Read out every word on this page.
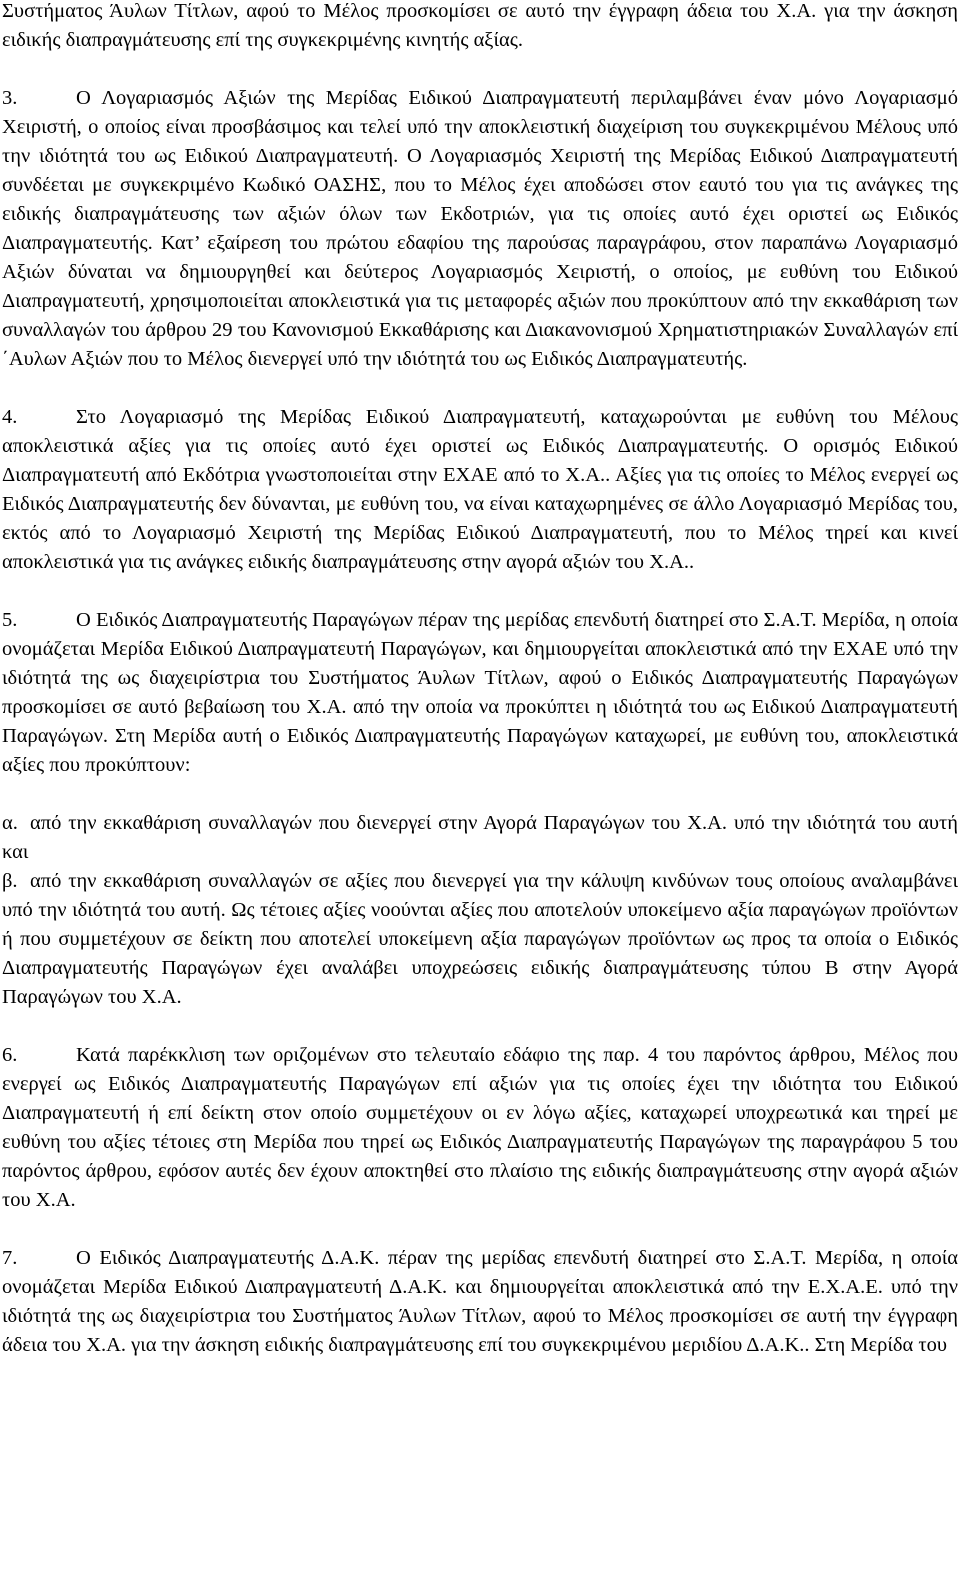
Συστήματος Άυλων Τίτλων, αφού το Μέλος προσκομίσει σε αυτό την έγγραφη άδεια του Χ.Α. για την άσκηση ειδικής διαπραγμάτευσης επί της συγκεκριμένης κινητής αξίας.

3.	Ο Λογαριασμός Αξιών της Μερίδας Ειδικού Διαπραγματευτή περιλαμβάνει έναν μόνο Λογαριασμό Χειριστή, ο οποίος είναι προσβάσιμος και τελεί υπό την αποκλειστική διαχείριση του συγκεκριμένου Μέλους υπό την ιδιότητά του ως Ειδικού Διαπραγματευτή. Ο Λογαριασμός Χειριστή της Μερίδας Ειδικού Διαπραγματευτή συνδέεται με συγκεκριμένο Κωδικό ΟΑΣΗΣ, που το Μέλος έχει αποδώσει στον εαυτό του για τις ανάγκες της ειδικής διαπραγμάτευσης των αξιών όλων των Εκδοτριών, για τις οποίες αυτό έχει οριστεί ως Ειδικός Διαπραγματευτής. Κατ’ εξαίρεση του πρώτου εδαφίου της παρούσας παραγράφου, στον παραπάνω Λογαριασμό Αξιών δύναται να δημιουργηθεί και δεύτερος Λογαριασμός Χειριστή, ο οποίος, με ευθύνη του Ειδικού Διαπραγματευτή, χρησιμοποιείται αποκλειστικά για τις μεταφορές αξιών που προκύπτουν από την εκκαθάριση των συναλλαγών του άρθρου 29 του Κανονισμού Εκκαθάρισης και Διακανονισμού Χρηματιστηριακών Συναλλαγών επί ΄Αυλων Αξιών που το Μέλος διενεργεί υπό την ιδιότητά του ως Ειδικός Διαπραγματευτής.

4.	Στο Λογαριασμό της Μερίδας Ειδικού Διαπραγματευτή, καταχωρούνται με ευθύνη του Μέλους αποκλειστικά αξίες για τις οποίες αυτό έχει οριστεί ως Ειδικός Διαπραγματευτής. Ο ορισμός Ειδικού Διαπραγματευτή από Εκδότρια γνωστοποιείται στην ΕΧΑΕ από το Χ.Α.. Αξίες για τις οποίες το Μέλος ενεργεί ως Ειδικός Διαπραγματευτής δεν δύνανται, με ευθύνη του, να είναι καταχωρημένες σε άλλο Λογαριασμό Μερίδας του, εκτός από το Λογαριασμό Χειριστή της Μερίδας Ειδικού Διαπραγματευτή, που το Μέλος τηρεί και κινεί αποκλειστικά για τις ανάγκες ειδικής διαπραγμάτευσης στην αγορά αξιών του Χ.Α..

5.	Ο Ειδικός Διαπραγματευτής Παραγώγων πέραν της μερίδας επενδυτή διατηρεί στο Σ.Α.Τ. Μερίδα, η οποία ονομάζεται Μερίδα Ειδικού Διαπραγματευτή Παραγώγων, και δημιουργείται αποκλειστικά από την ΕΧΑΕ υπό την ιδιότητά της ως διαχειρίστρια του Συστήματος Άυλων Τίτλων, αφού ο Ειδικός Διαπραγματευτής Παραγώγων προσκομίσει σε αυτό βεβαίωση του Χ.Α. από την οποία να προκύπτει η ιδιότητά του ως Ειδικού Διαπραγματευτή Παραγώγων. Στη Μερίδα αυτή ο Ειδικός Διαπραγματευτής Παραγώγων καταχωρεί, με ευθύνη του, αποκλειστικά αξίες που προκύπτουν:

α. από την εκκαθάριση συναλλαγών που διενεργεί στην Αγορά Παραγώγων του Χ.Α. υπό την ιδιότητά του αυτή και

β. από την εκκαθάριση συναλλαγών σε αξίες που διενεργεί για την κάλυψη κινδύνων τους οποίους αναλαμβάνει υπό την ιδιότητά του αυτή. Ως τέτοιες αξίες νοούνται αξίες που αποτελούν υποκείμενο αξία παραγώγων προϊόντων ή που συμμετέχουν σε δείκτη που αποτελεί υποκείμενη αξία παραγώγων προϊόντων ως προς τα οποία ο Ειδικός Διαπραγματευτής Παραγώγων έχει αναλάβει υποχρεώσεις ειδικής διαπραγμάτευσης τύπου Β στην Αγορά Παραγώγων του Χ.Α.

6.	Κατά παρέκκλιση των οριζομένων στο τελευταίο εδάφιο της παρ. 4 του παρόντος άρθρου, Μέλος που ενεργεί ως Ειδικός Διαπραγματευτής Παραγώγων επί αξιών για τις οποίες έχει την ιδιότητα του Ειδικού Διαπραγματευτή ή επί δείκτη στον οποίο συμμετέχουν οι εν λόγω αξίες, καταχωρεί υποχρεωτικά και τηρεί με ευθύνη του αξίες τέτοιες στη Μερίδα που τηρεί ως Ειδικός Διαπραγματευτής Παραγώγων της παραγράφου 5 του παρόντος άρθρου, εφόσον αυτές δεν έχουν αποκτηθεί στο πλαίσιο της ειδικής διαπραγμάτευσης στην αγορά αξιών του Χ.Α.

7.	Ο Ειδικός Διαπραγματευτής Δ.Α.Κ. πέραν της μερίδας επενδυτή διατηρεί στο Σ.Α.Τ. Μερίδα, η οποία ονομάζεται Μερίδα Ειδικού Διαπραγματευτή Δ.Α.Κ. και δημιουργείται αποκλειστικά από την Ε.Χ.Α.Ε. υπό την ιδιότητά της ως διαχειρίστρια του Συστήματος Άυλων Τίτλων, αφού το Μέλος προσκομίσει σε αυτή την έγγραφη άδεια του Χ.Α. για την άσκηση ειδικής διαπραγμάτευσης επί του συγκεκριμένου μεριδίου Δ.Α.Κ.. Στη Μερίδα του
